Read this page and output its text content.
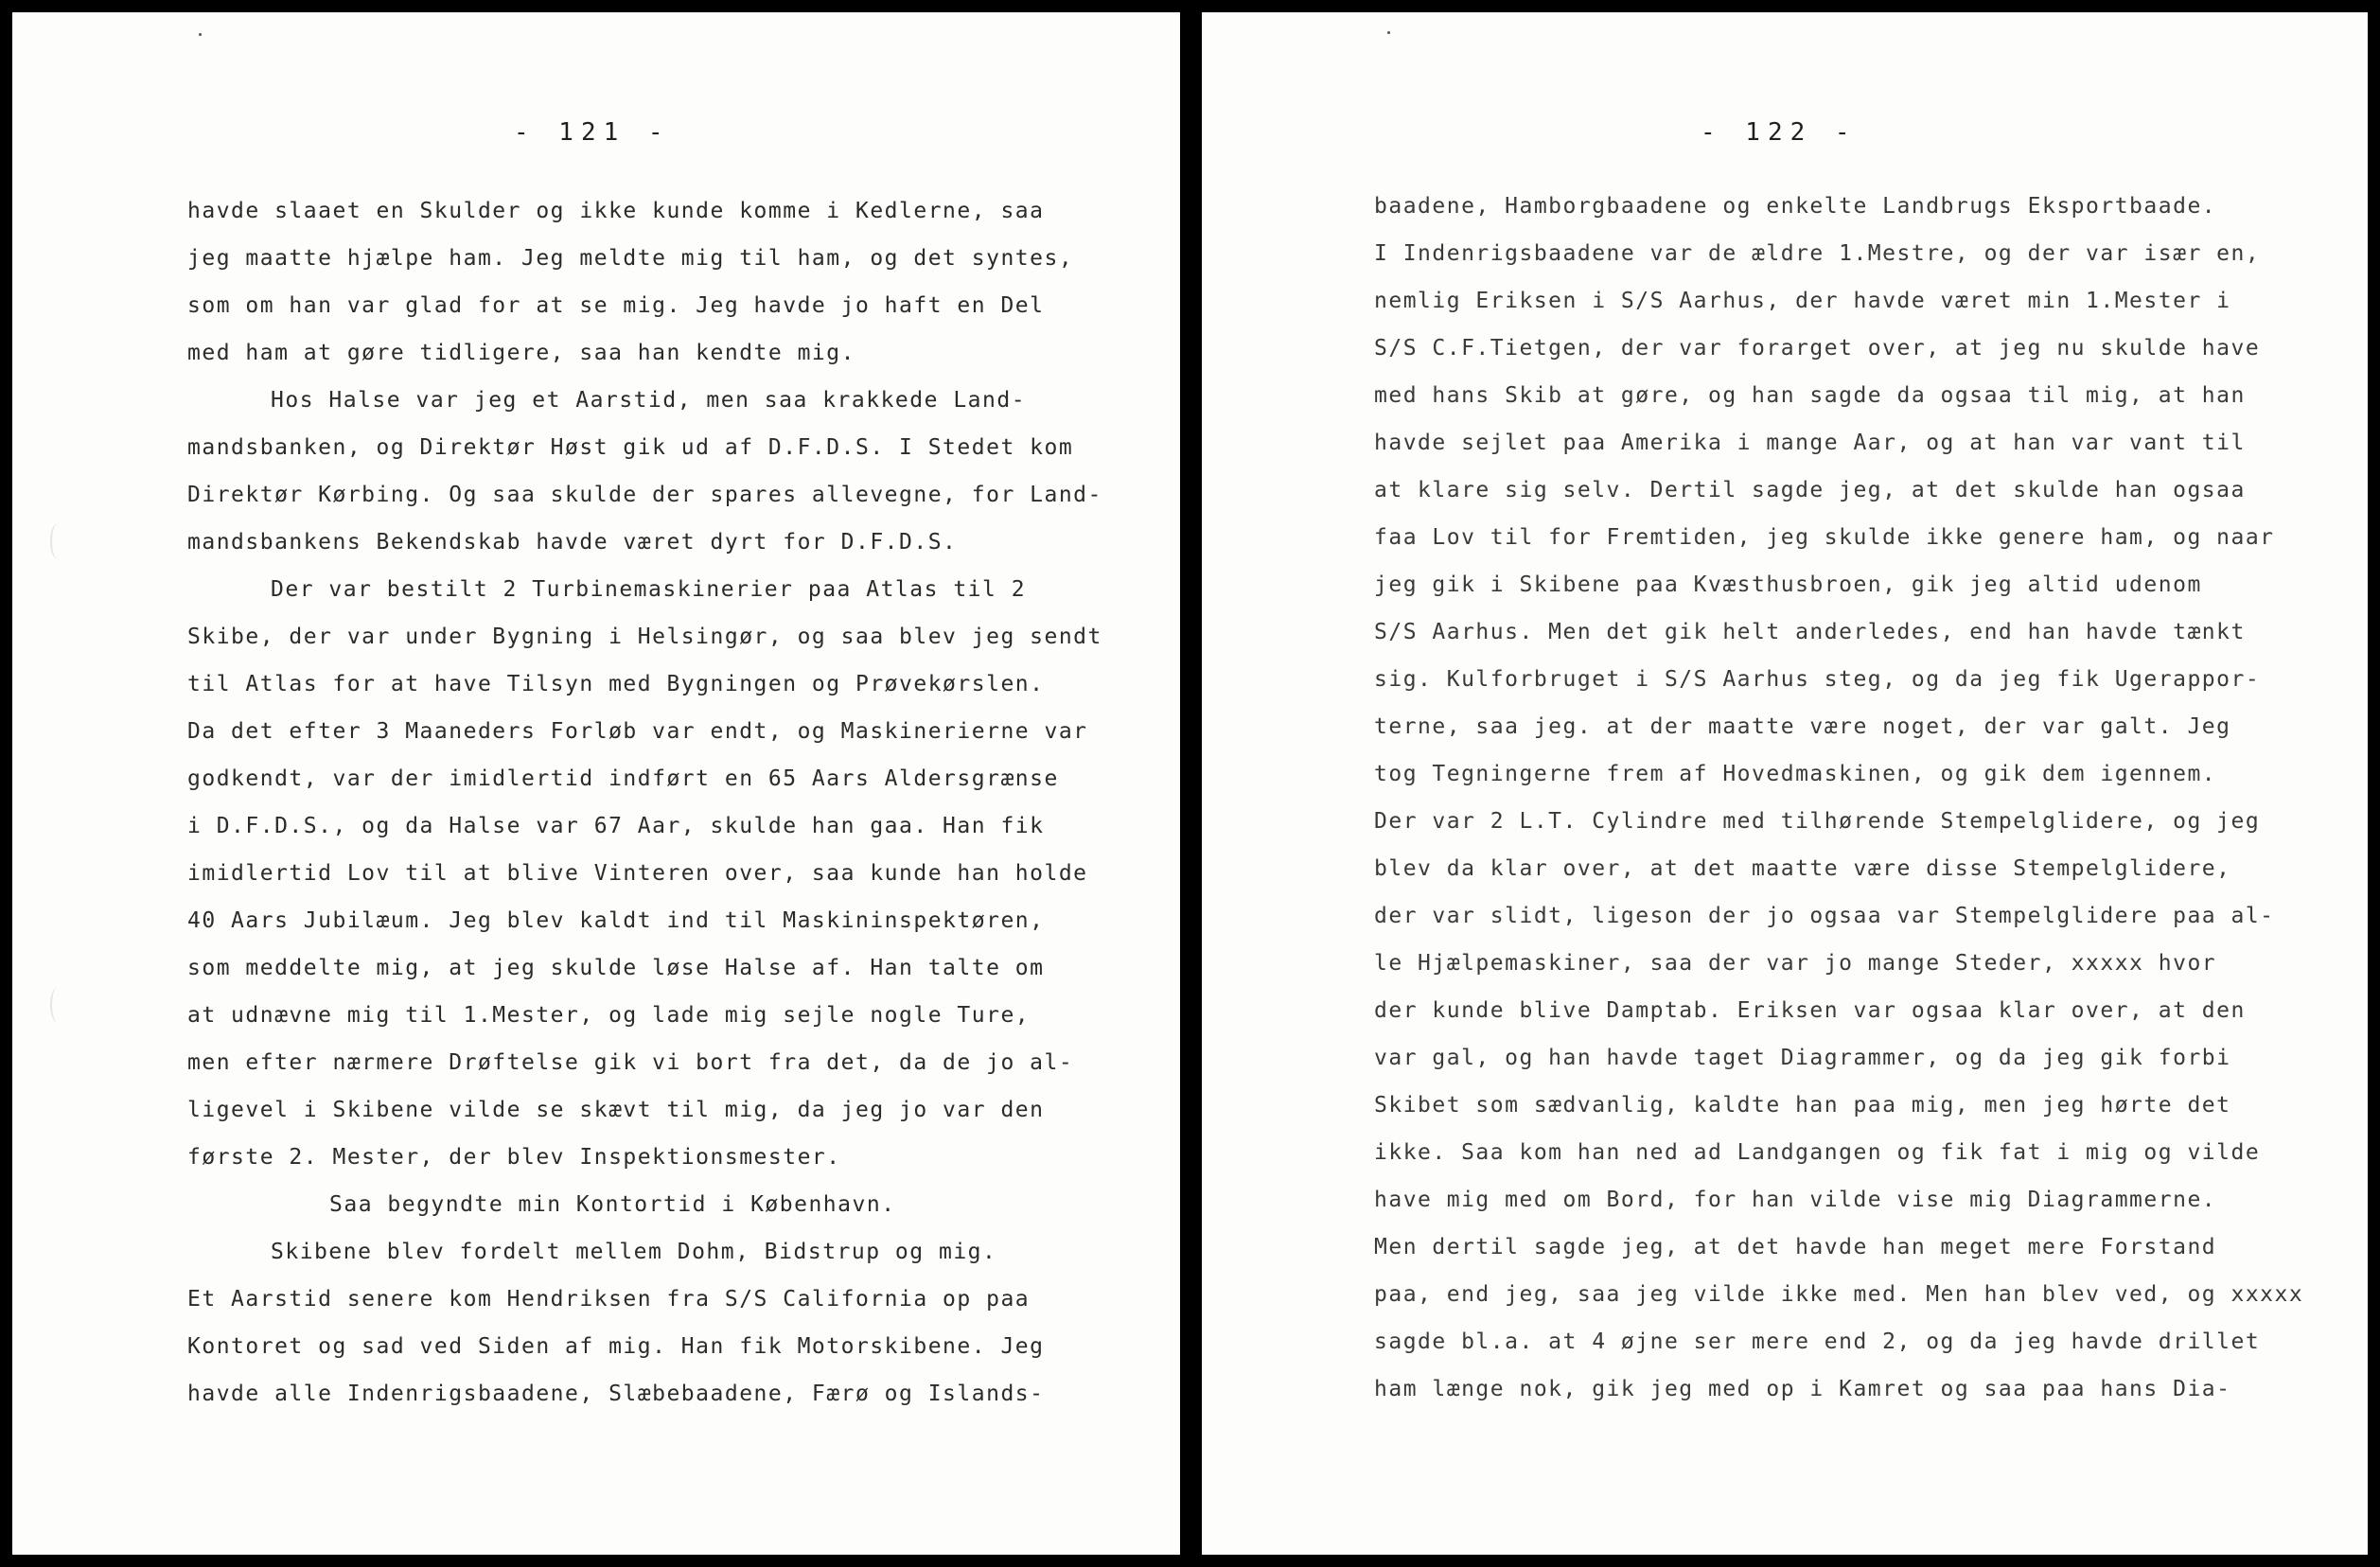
- 121 -
havde slaaet en Skulder og ikke kunde komme i Kedlerne, saa
jeg maatte hjælpe ham. Jeg meldte mig til ham, og det syntes,
som om han var glad for at se mig. Jeg havde jo haft en Del
med ham at gøre tidligere, saa han kendte mig.
Hos Halse var jeg et Aarstid, men saa krakkede Land-
mandsbanken, og Direktør Høst gik ud af D.F.D.S. I Stedet kom
Direktør Kørbing. Og saa skulde der spares allevegne, for Land-
mandsbankens Bekendskab havde været dyrt for D.F.D.S.
Der var bestilt 2 Turbinemaskinerier paa Atlas til 2
Skibe, der var under Bygning i Helsingør, og saa blev jeg sendt
til Atlas for at have Tilsyn med Bygningen og Prøvekørslen.
Da det efter 3 Maaneders Forløb var endt, og Maskinerierne var
godkendt, var der imidlertid indført en 65 Aars Aldersgrænse
i D.F.D.S., og da Halse var 67 Aar, skulde han gaa. Han fik
imidlertid Lov til at blive Vinteren over, saa kunde han holde
40 Aars Jubilæum. Jeg blev kaldt ind til Maskininspektøren,
som meddelte mig, at jeg skulde løse Halse af. Han talte om
at udnævne mig til 1.Mester, og lade mig sejle nogle Ture,
men efter nærmere Drøftelse gik vi bort fra det, da de jo al-
ligevel i Skibene vilde se skævt til mig, da jeg jo var den
første 2. Mester, der blev Inspektionsmester.
Saa begyndte min Kontortid i København.
Skibene blev fordelt mellem Dohm, Bidstrup og mig.
Et Aarstid senere kom Hendriksen fra S/S California op paa
Kontoret og sad ved Siden af mig. Han fik Motorskibene. Jeg
havde alle Indenrigsbaadene, Slæbebaadene, Færø og Islands-
- 122 -
baadene, Hamborgbaadene og enkelte Landbrugs Eksportbaade.
I Indenrigsbaadene var de ældre 1.Mestre, og der var især en,
nemlig Eriksen i S/S Aarhus, der havde været min 1.Mester i
S/S C.F.Tietgen, der var forarget over, at jeg nu skulde have
med hans Skib at gøre, og han sagde da ogsaa til mig, at han
havde sejlet paa Amerika i mange Aar, og at han var vant til
at klare sig selv. Dertil sagde jeg, at det skulde han ogsaa
faa Lov til for Fremtiden, jeg skulde ikke genere ham, og naar
jeg gik i Skibene paa Kvæsthusbroen, gik jeg altid udenom
S/S Aarhus. Men det gik helt anderledes, end han havde tænkt
sig. Kulforbruget i S/S Aarhus steg, og da jeg fik Ugerappor-
terne, saa jeg. at der maatte være noget, der var galt. Jeg
tog Tegningerne frem af Hovedmaskinen, og gik dem igennem.
Der var 2 L.T. Cylindre med tilhørende Stempelglidere, og jeg
blev da klar over, at det maatte være disse Stempelglidere,
der var slidt, ligeson der jo ogsaa var Stempelglidere paa al-
le Hjælpemaskiner, saa der var jo mange Steder, xxxxx hvor
der kunde blive Damptab. Eriksen var ogsaa klar over, at den
var gal, og han havde taget Diagrammer, og da jeg gik forbi
Skibet som sædvanlig, kaldte han paa mig, men jeg hørte det
ikke. Saa kom han ned ad Landgangen og fik fat i mig og vilde
have mig med om Bord, for han vilde vise mig Diagrammerne.
Men dertil sagde jeg, at det havde han meget mere Forstand
paa, end jeg, saa jeg vilde ikke med. Men han blev ved, og xxxxx
sagde bl.a. at 4 øjne ser mere end 2, og da jeg havde drillet
ham længe nok, gik jeg med op i Kamret og saa paa hans Dia-
